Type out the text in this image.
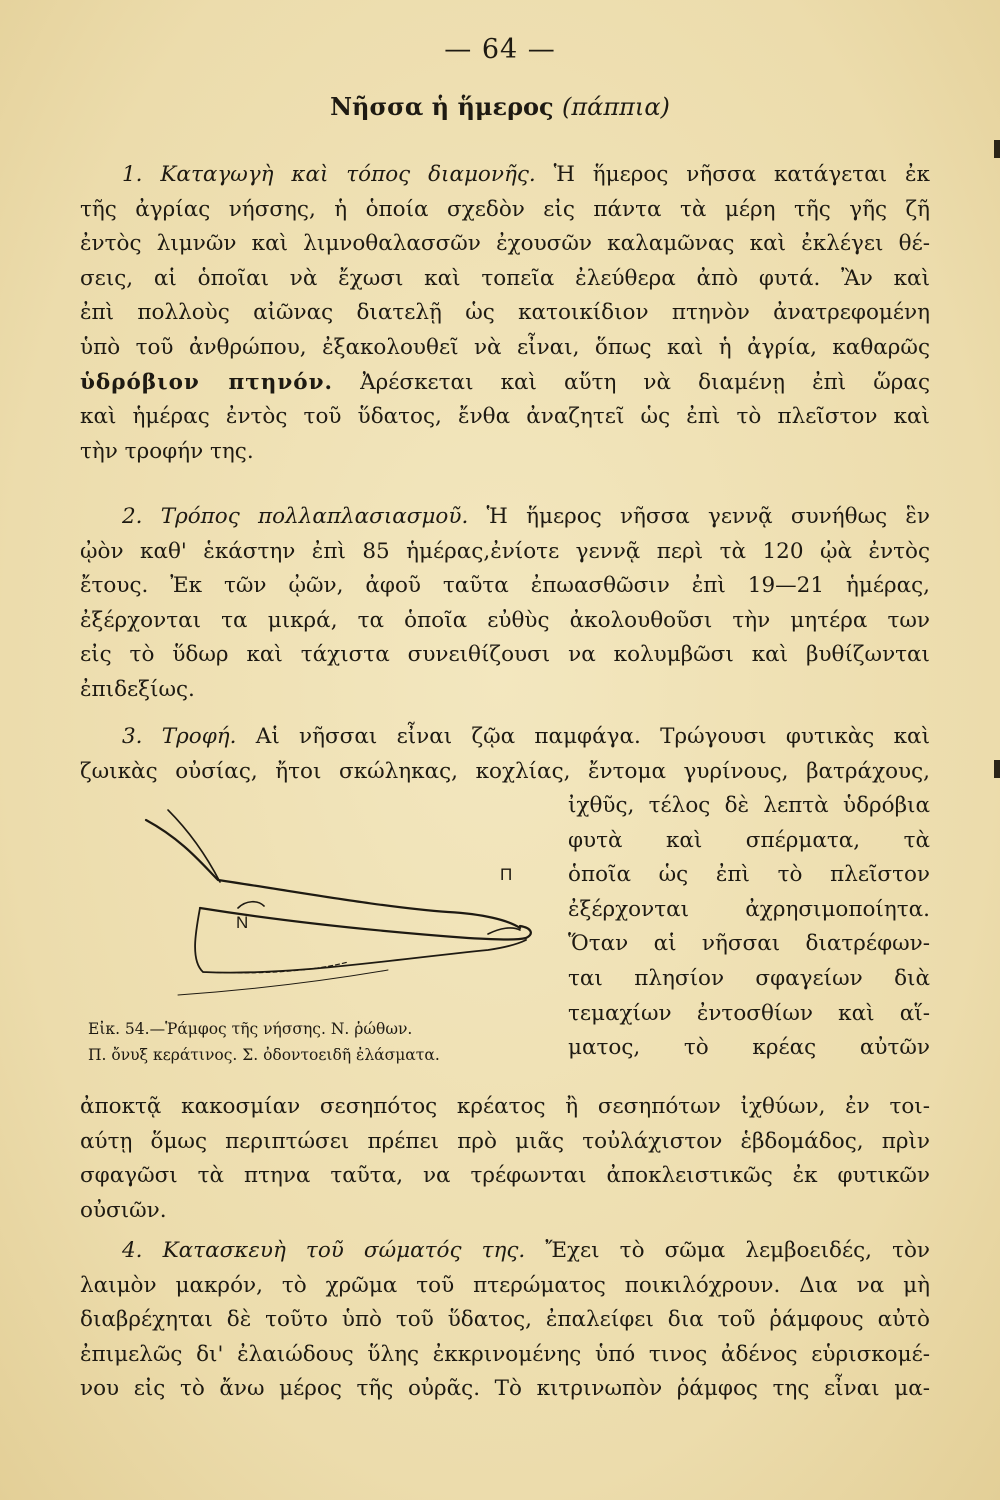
— 64 —
Νῆσσα ἡ ἥμερος (πάππια)
1. Καταγωγὴ καὶ τόπος διαμονῆς. Ἡ ἥμερος νῆσσα κατάγεται ἐκ
τῆς ἀγρίας νήσσης, ἡ ὁποία σχεδὸν εἰς πάντα τὰ μέρη τῆς γῆς ζῆ
ἐντὸς λιμνῶν καὶ λιμνοθαλασσῶν ἐχουσῶν καλαμῶνας καὶ ἐκλέγει θέ-
σεις, αἱ ὁποῖαι νὰ ἔχωσι καὶ τοπεῖα ἐλεύθερα ἀπὸ φυτά. Ἂν καὶ
ἐπὶ πολλοὺς αἰῶνας διατελῇ ὡς κατοικίδιον πτηνὸν ἀνατρεφομένη
ὑπὸ τοῦ ἀνθρώπου, ἐξακολουθεῖ νὰ εἶναι, ὅπως καὶ ἡ ἀγρία, καθαρῶς
ὑδρόβιον πτηνόν. Ἀρέσκεται καὶ αὕτη νὰ διαμένῃ ἐπὶ ὥρας
καὶ ἡμέρας ἐντὸς τοῦ ὕδατος, ἔνθα ἀναζητεῖ ὡς ἐπὶ τὸ πλεῖστον καὶ
τὴν τροφήν της.
2. Τρόπος πολλαπλασιασμοῦ. Ἡ ἥμερος νῆσσα γεννᾷ συνήθως ἓν
ᾠὸν καθ' ἑκάστην ἐπὶ 85 ἡμέρας,ἐνίοτε γεννᾷ περὶ τὰ 120 ᾠὰ ἐντὸς
ἔτους. Ἐκ τῶν ᾠῶν, ἀφοῦ ταῦτα ἐπωασθῶσιν ἐπὶ 19—21 ἡμέρας,
ἐξέρχονται τα μικρά, τα ὁποῖα εὐθὺς ἀκολουθοῦσι τὴν μητέρα των
εἰς τὸ ὕδωρ καὶ τάχιστα συνειθίζουσι να κολυμβῶσι καὶ βυθίζωνται
ἐπιδεξίως.
3. Τροφή. Αἱ νῆσσαι εἶναι ζῷα παμφάγα. Τρώγουσι φυτικὰς καὶ
ζωικὰς οὐσίας, ἤτοι σκώληκας, κοχλίας, ἔντομα γυρίνους, βατράχους,
ἰχθῦς, τέλος δὲ λεπτὰ ὑδρόβια
φυτὰ καὶ σπέρματα, τὰ
ὁποῖα ὡς ἐπὶ τὸ πλεῖστον
ἐξέρχονται ἀχρησιμοποίητα.
Ὅταν αἱ νῆσσαι διατρέφων-
ται πλησίον σφαγείων διὰ
τεμαχίων ἐντοσθίων καὶ αἵ-
ματος, τὸ κρέας αὐτῶν
N
Π
Εἰκ. 54.—Ῥάμφος τῆς νήσσης. Ν. ῥώθων.
Π. ὄνυξ κεράτινος. Σ. ὀδοντοειδῆ ἐλάσματα.
ἀποκτᾷ κακοσμίαν σεσηπότος κρέατος ἢ σεσηπότων ἰχθύων, ἐν τοι-
αύτῃ ὅμως περιπτώσει πρέπει πρὸ μιᾶς τοὐλάχιστον ἑβδομάδος, πρὶν
σφαγῶσι τὰ πτηνα ταῦτα, να τρέφωνται ἀποκλειστικῶς ἐκ φυτικῶν
οὐσιῶν.
4. Κατασκευὴ τοῦ σώματός της. Ἔχει τὸ σῶμα λεμβοειδές, τὸν
λαιμὸν μακρόν, τὸ χρῶμα τοῦ πτερώματος ποικιλόχρουν. Δια να μὴ
διαβρέχηται δὲ τοῦτο ὑπὸ τοῦ ὕδατος, ἐπαλείφει δια τοῦ ῥάμφους αὐτὸ
ἐπιμελῶς δι' ἐλαιώδους ὕλης ἐκκρινομένης ὑπό τινος ἀδένος εὑρισκομέ-
νου εἰς τὸ ἄνω μέρος τῆς οὐρᾶς. Τὸ κιτρινωπὸν ῥάμφος της εἶναι μα-
